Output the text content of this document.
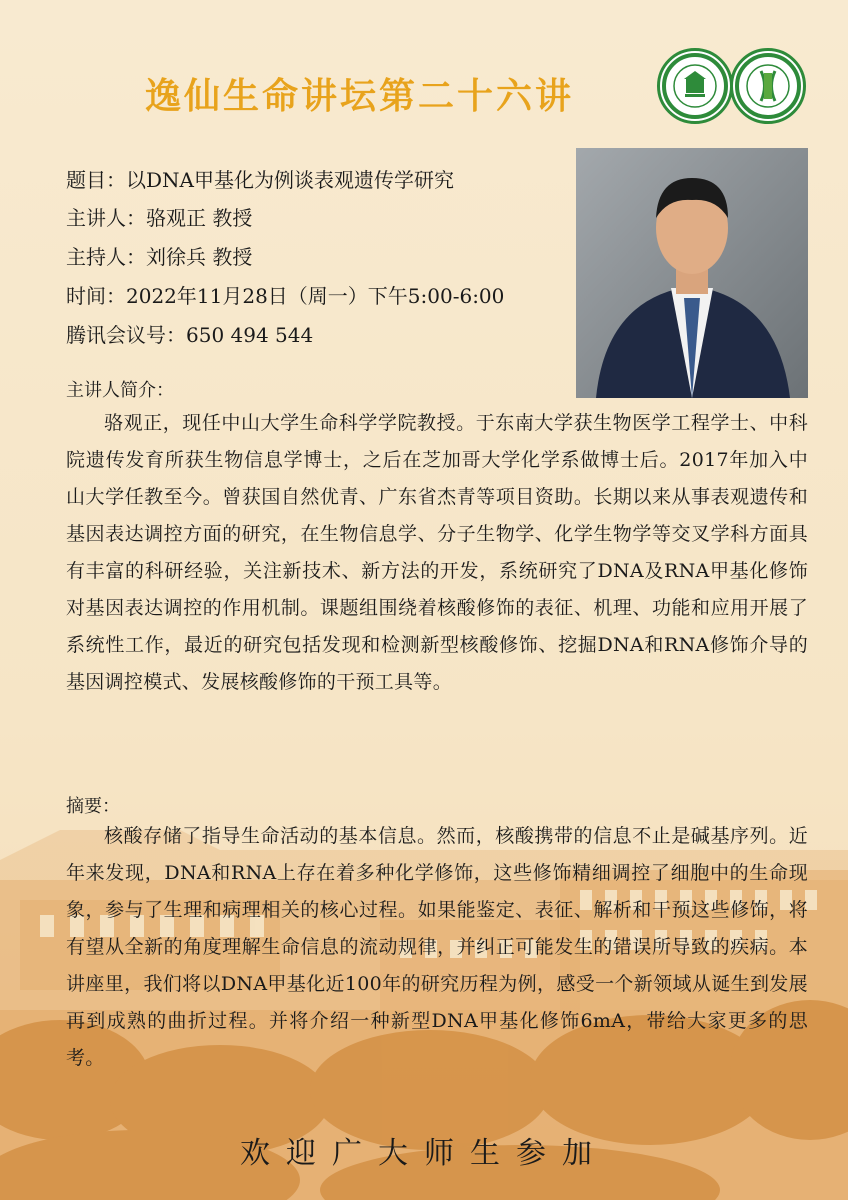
逸仙生命讲坛第二十六讲
题目：以DNA甲基化为例谈表观遗传学研究
主讲人：骆观正 教授
主持人：刘徐兵 教授
时间：2022年11月28日（周一）下午5:00-6:00
腾讯会议号：650 494 544
主讲人简介：

骆观正，现任中山大学生命科学学院教授。于东南大学获生物医学工程学士、中科院遗传发育所获生物信息学博士，之后在芝加哥大学化学系做博士后。2017年加入中山大学任教至今。曾获国自然优青、广东省杰青等项目资助。长期以来从事表观遗传和基因表达调控方面的研究，在生物信息学、分子生物学、化学生物学等交叉学科方面具有丰富的科研经验，关注新技术、新方法的开发，系统研究了DNA及RNA甲基化修饰对基因表达调控的作用机制。课题组围绕着核酸修饰的表征、机理、功能和应用开展了系统性工作，最近的研究包括发现和检测新型核酸修饰、挖掘DNA和RNA修饰介导的基因调控模式、发展核酸修饰的干预工具等。

摘要：

核酸存储了指导生命活动的基本信息。然而，核酸携带的信息不止是碱基序列。近年来发现，DNA和RNA上存在着多种化学修饰，这些修饰精细调控了细胞中的生命现象，参与了生理和病理相关的核心过程。如果能鉴定、表征、解析和干预这些修饰，将有望从全新的角度理解生命信息的流动规律，并纠正可能发生的错误所导致的疾病。本讲座里，我们将以DNA甲基化近100年的研究历程为例，感受一个新领域从诞生到发展再到成熟的曲折过程。并将介绍一种新型DNA甲基化修饰6mA，带给大家更多的思考。

欢迎广大师生参加
